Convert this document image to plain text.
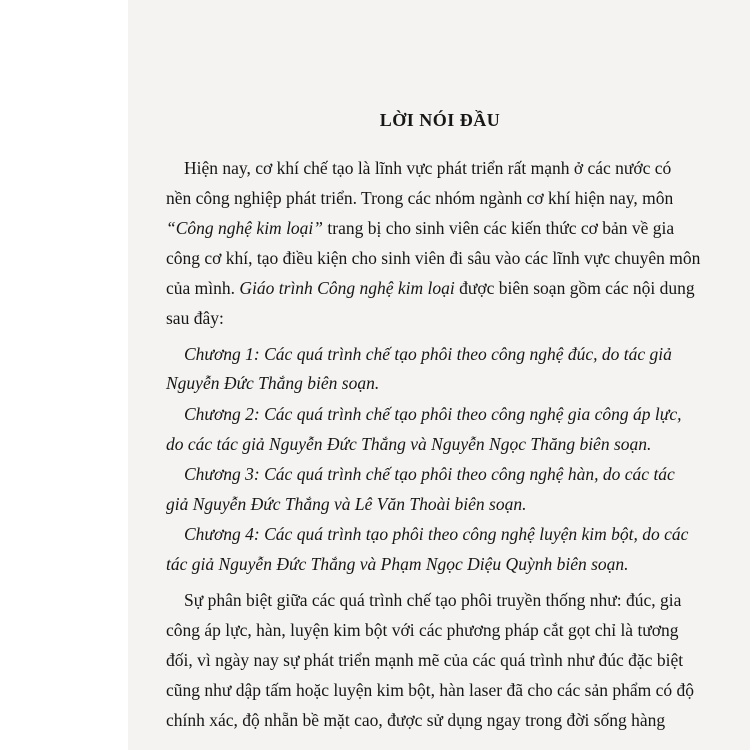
LỜI NÓI ĐẦU
Hiện nay, cơ khí chế tạo là lĩnh vực phát triển rất mạnh ở các nước có
nền công nghiệp phát triển. Trong các nhóm ngành cơ khí hiện nay, môn
“Công nghệ kim loại” trang bị cho sinh viên các kiến thức cơ bản về gia
công cơ khí, tạo điều kiện cho sinh viên đi sâu vào các lĩnh vực chuyên môn
của mình. Giáo trình Công nghệ kim loại được biên soạn gồm các nội dung
sau đây:
Chương 1: Các quá trình chế tạo phôi theo công nghệ đúc, do tác giả
Nguyễn Đức Thắng biên soạn.
Chương 2: Các quá trình chế tạo phôi theo công nghệ gia công áp lực,
do các tác giả Nguyễn Đức Thắng và Nguyễn Ngọc Thăng biên soạn.
Chương 3: Các quá trình chế tạo phôi theo công nghệ hàn, do các tác
giả Nguyễn Đức Thắng và Lê Văn Thoài biên soạn.
Chương 4: Các quá trình tạo phôi theo công nghệ luyện kim bột, do các
tác giả Nguyễn Đức Thắng và Phạm Ngọc Diệu Quỳnh biên soạn.
Sự phân biệt giữa các quá trình chế tạo phôi truyền thống như: đúc, gia
công áp lực, hàn, luyện kim bột với các phương pháp cắt gọt chỉ là tương
đối, vì ngày nay sự phát triển mạnh mẽ của các quá trình như đúc đặc biệt
cũng như dập tấm hoặc luyện kim bột, hàn laser đã cho các sản phẩm có độ
chính xác, độ nhẵn bề mặt cao, được sử dụng ngay trong đời sống hàng
